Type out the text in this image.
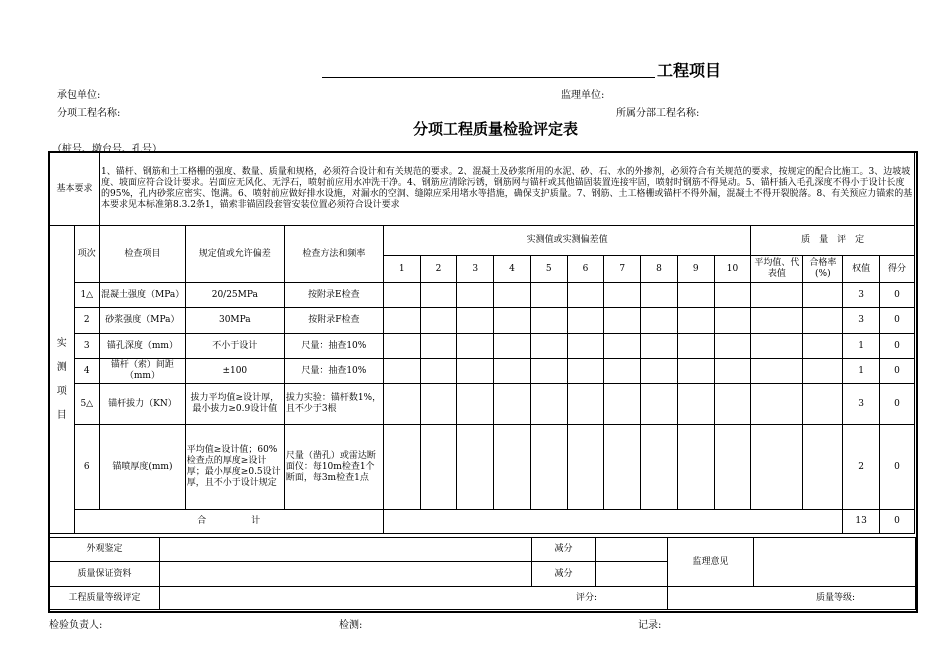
工程项目
承包单位:	监理单位:
分项工程名称:	所属分部工程名称:
分项工程质量检验评定表
（桩号、墩台号、孔号）
基本要求		1、锚杆、钢筋和土工格栅的强度、数量、质量和规格，必须符合设计和有关规范的要求。2、混凝土及砂浆所用的水泥、砂、石、水的外掺剂，必须符合有关规范的要求，按规定的配合比施工。3、边坡坡度、坡面应符合设计要求。岩面应无风化、无浮石，喷射前应用水冲洗干净。4、钢筋应清除污锈，钢筋网与锚杆或其他锚固装置连接牢固，喷射时钢筋不得晃动。5、锚杆插入毛孔深度不得小于设计长度的95%，孔内砂浆应密实、饱满。6、喷射前应做好排水设施，对漏水的空洞、缝隙应采用堵水等措施，确保支护质量。7、钢筋、土工格栅或锚杆不得外漏，混凝土不得开裂脱落。8、有关预应力锚索的基本要求见本标准第8.3.2条1，锚索非锚固段套管安装位置必须符合设计要求																

实
测
项
目	项次	检查项目	规定值或允许偏差	检查方法和频率	实测值或实测偏差值										质　量　评　定			
					1	2	3	4	5	6	7	8	9	10	平均值、代表值	合格率(%)	权值	得分
	1△	混凝土强度（MPa）	20/25MPa	按附录E检查													3	0
	2	砂浆强度（MPa）	30MPa	按附录F检查													3	0
	3	锚孔深度（mm）	不小于设计	尺量：抽查10%													1	0
	4	锚杆（索）间距（mm）	±100	尺量：抽查10%													1	0
	5△	锚杆拔力（KN）	拔力平均值≥设计厚，最小拔力≥0.9设计值	拔力实验：锚杆数1%，且不少于3根													3	0
	6	锚喷厚度(mm)	平均值≥设计值；60%检查点的厚度≥设计厚；最小厚度≥0.5设计厚，且不小于设计规定	尺量（凿孔）或雷达断面仪：每10m检查1个断面，每3m检查1点													2	0
	合　　　　　计																13	0
外观鉴定		减分		监理意见	
质量保证资料		减分			
工程质量等级评定	评分:			质量等级:	
检验负责人:	检测:	记录:
